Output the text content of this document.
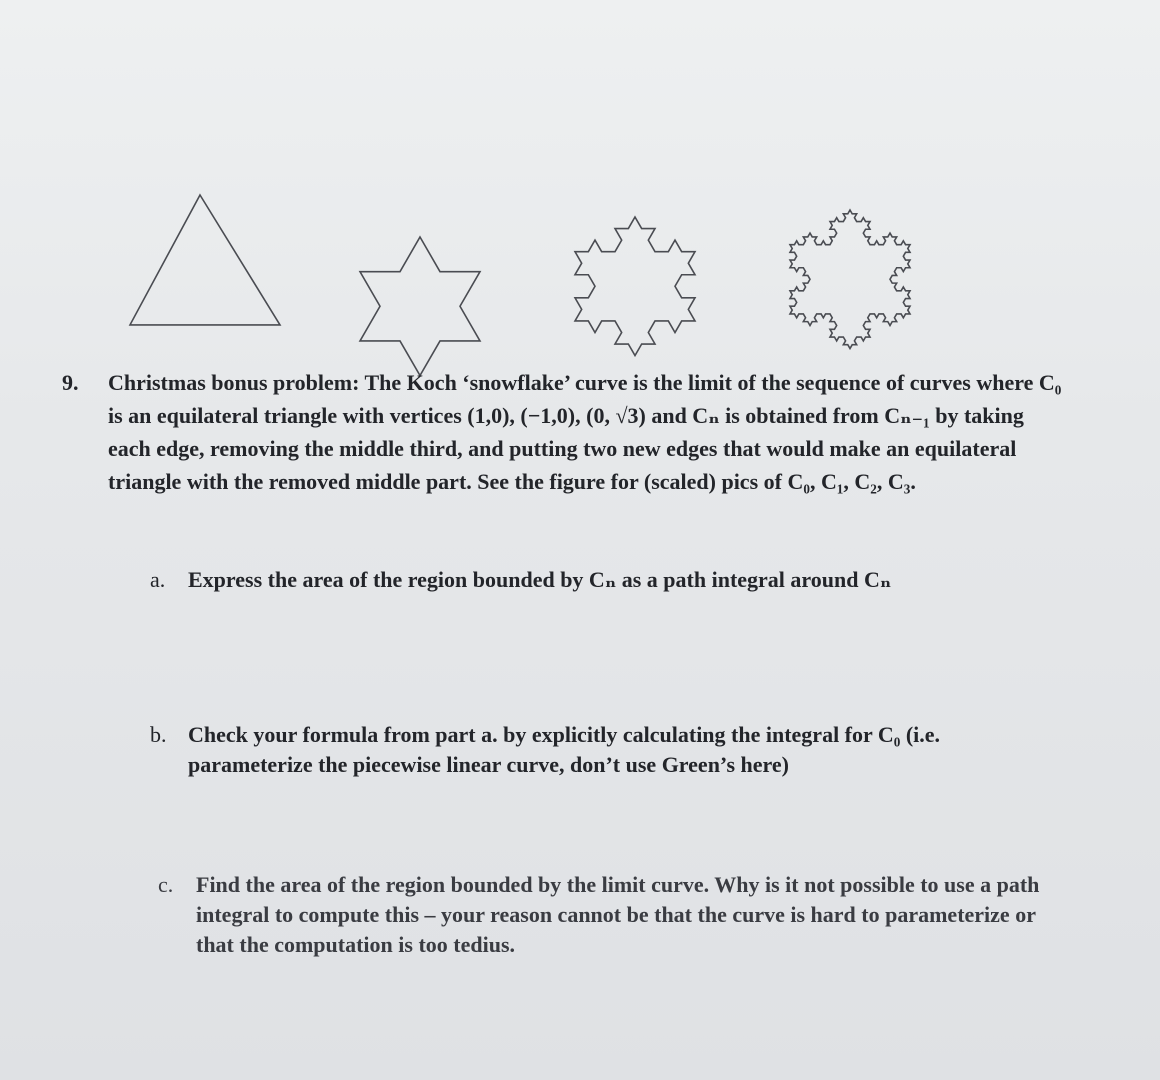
9. Christmas bonus problem: The Koch ‘snowflake’ curve is the limit of the sequence of curves where C₀ is an equilateral triangle with vertices (1,0), (−1,0), (0, √3) and Cₙ is obtained from Cₙ₋₁ by taking each edge, removing the middle third, and putting two new edges that would make an equilateral triangle with the removed middle part. See the figure for (scaled) pics of C₀, C₁, C₂, C₃.
a. Express the area of the region bounded by Cₙ as a path integral around Cₙ
b. Check your formula from part a. by explicitly calculating the integral for C₀ (i.e. parameterize the piecewise linear curve, don’t use Green’s here)
c. Find the area of the region bounded by the limit curve. Why is it not possible to use a path integral to compute this – your reason cannot be that the curve is hard to parameterize or that the computation is too tedius.
